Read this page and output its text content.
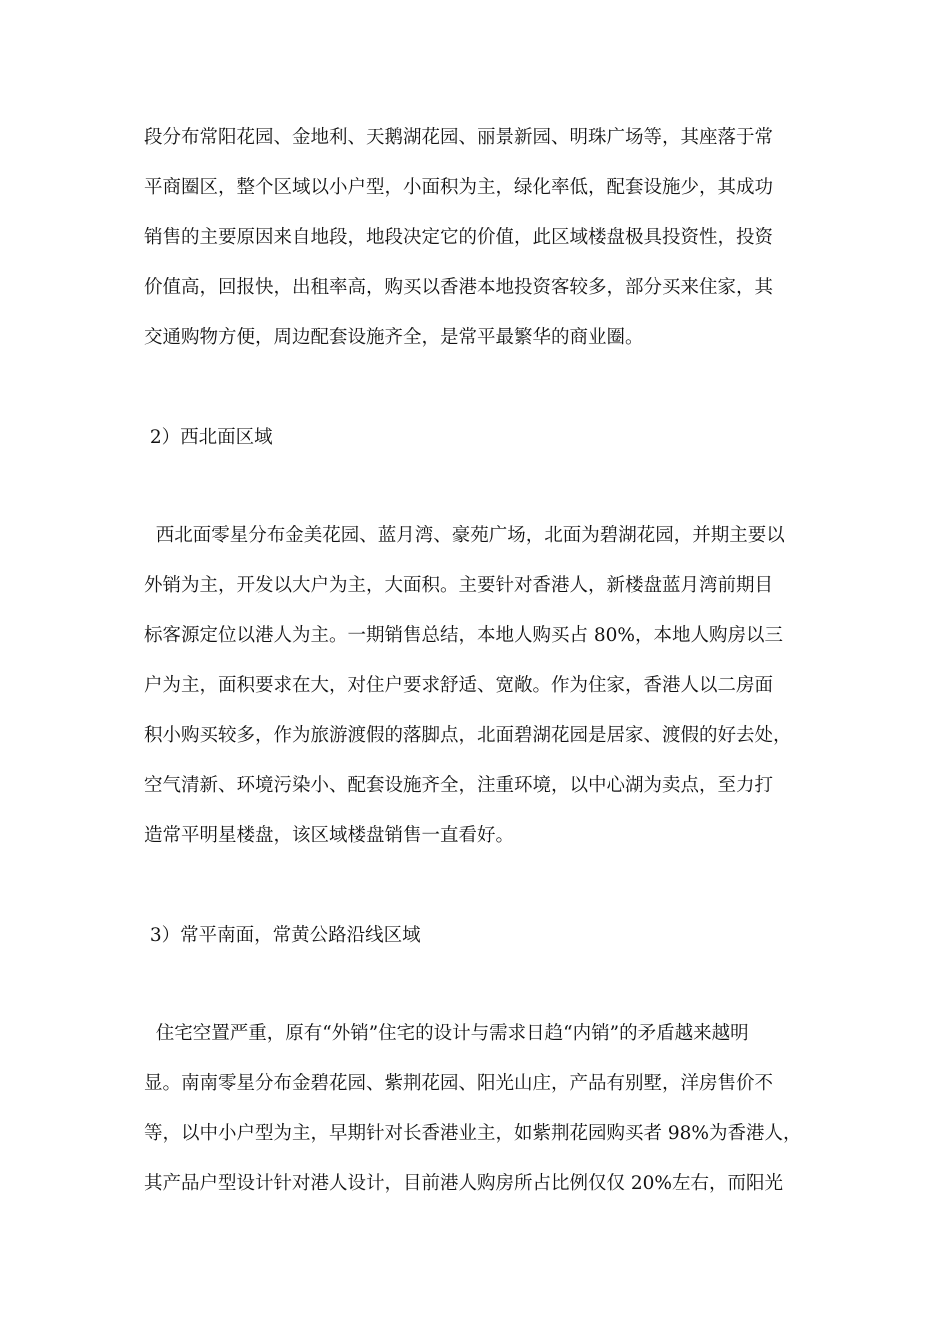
段分布常阳花园、金地利、天鹅湖花园、丽景新园、明珠广场等，其座落于常

平商圈区，整个区域以小户型，小面积为主，绿化率低，配套设施少，其成功

销售的主要原因来自地段，地段决定它的价值，此区域楼盘极具投资性，投资

价值高，回报快，出租率高，购买以香港本地投资客较多，部分买来住家，其

交通购物方便，周边配套设施齐全，是常平最繁华的商业圈。

2）西北面区域

西北面零星分布金美花园、蓝月湾、豪苑广场，北面为碧湖花园，并期主要以

外销为主，开发以大户为主，大面积。主要针对香港人，新楼盘蓝月湾前期目

标客源定位以港人为主。一期销售总结，本地人购买占 80%，本地人购房以三

户为主，面积要求在大，对住户要求舒适、宽敞。作为住家，香港人以二房面

积小购买较多，作为旅游渡假的落脚点，北面碧湖花园是居家、渡假的好去处，

空气清新、环境污染小、配套设施齐全，注重环境，以中心湖为卖点，至力打

造常平明星楼盘，该区域楼盘销售一直看好。

3）常平南面，常黄公路沿线区域

住宅空置严重，原有“外销”住宅的设计与需求日趋“内销”的矛盾越来越明

显。南南零星分布金碧花园、紫荆花园、阳光山庄，产品有别墅，洋房售价不

等，以中小户型为主，早期针对长香港业主，如紫荆花园购买者 98%为香港人，

其产品户型设计针对港人设计，目前港人购房所占比例仅仅 20%左右，而阳光
